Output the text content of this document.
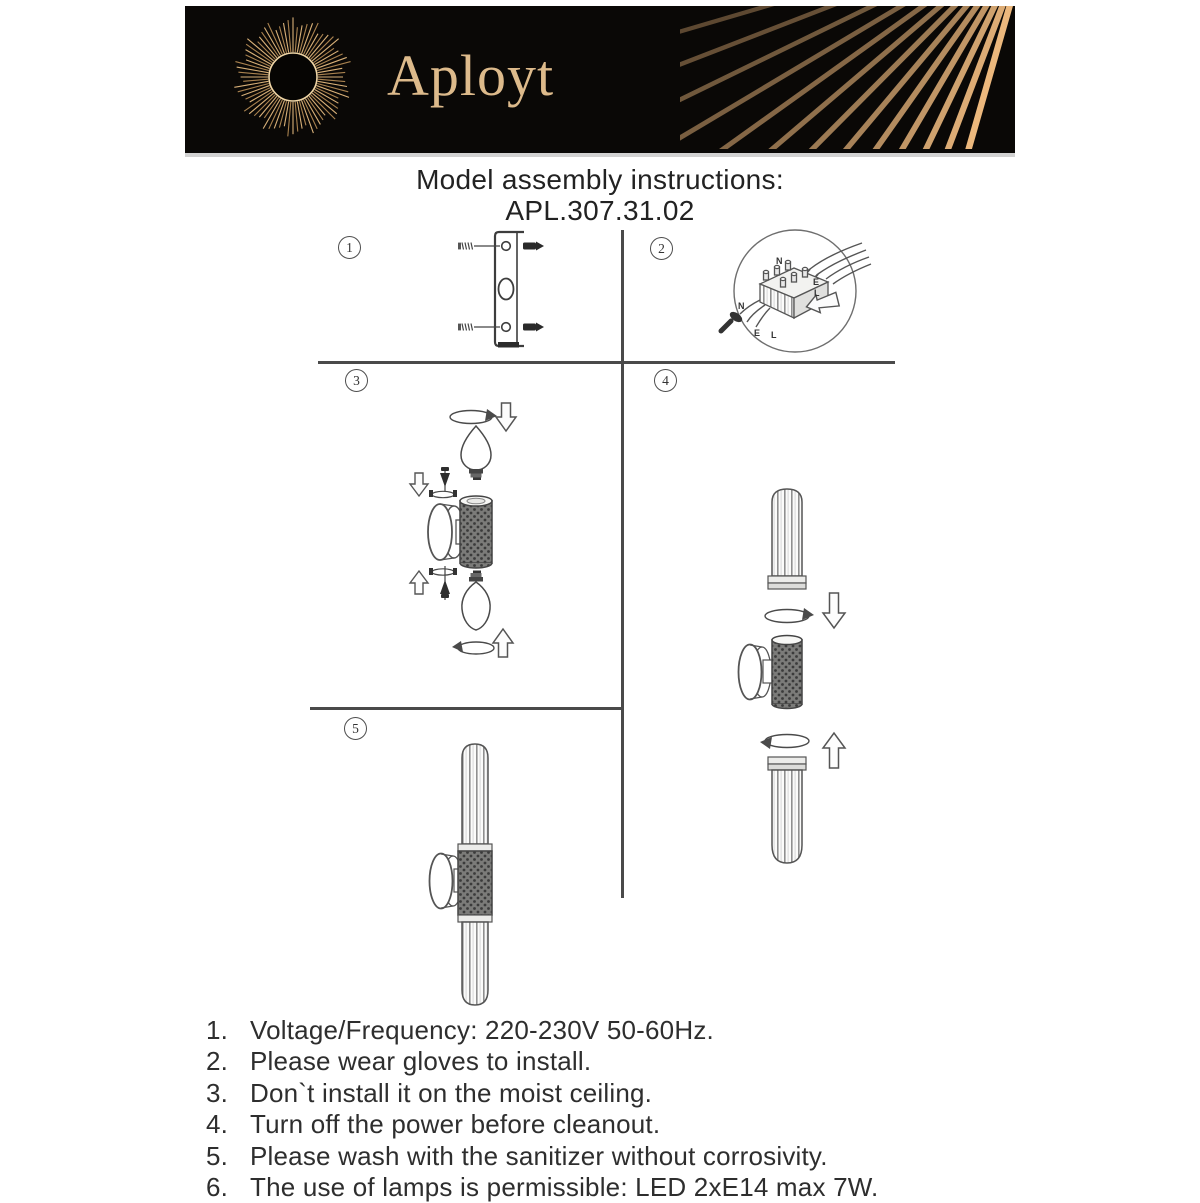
Aployt
Model assembly instructions:
APL.307.31.02
1	2
3	4
5
N
E
L
N
E L
1. Voltage/Frequency: 220-230V 50-60Hz.
2. Please wear gloves to install.
3. Don`t install it on the moist ceiling.
4. Turn off the power before cleanout.
5. Please wash with the sanitizer without corrosivity.
6. The use of lamps is permissible: LED 2xE14 max 7W.
